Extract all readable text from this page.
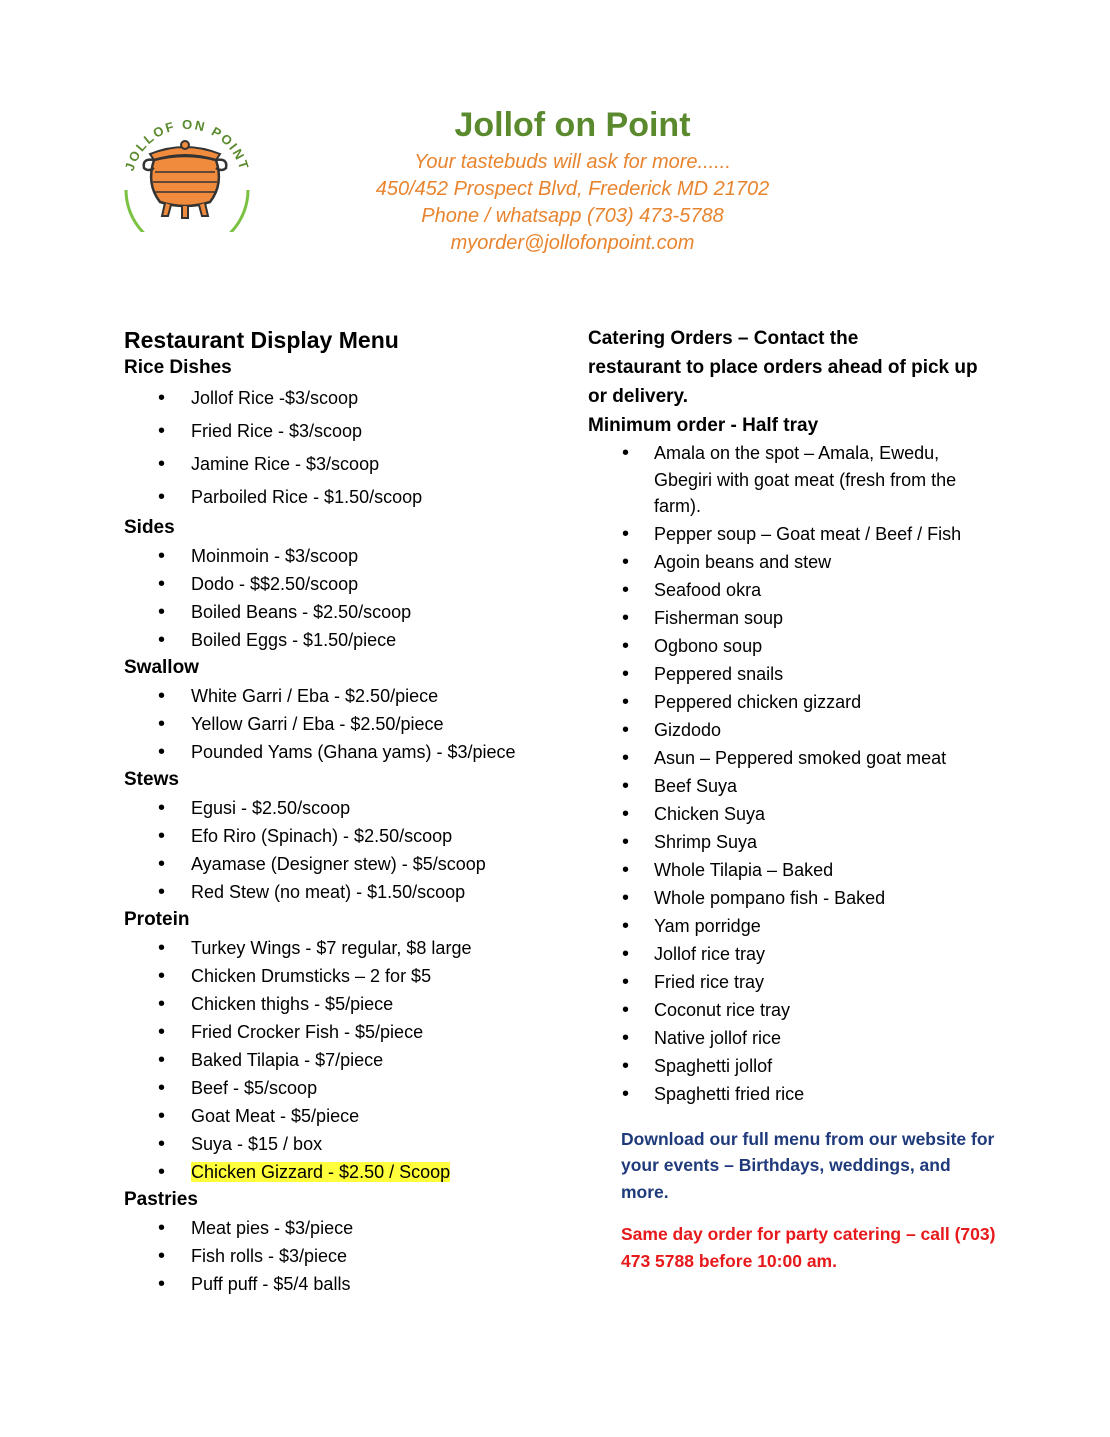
JOLLOF ON POINT
Jollof on Point
Your tastebuds will ask for more......
450/452 Prospect Blvd, Frederick MD 21702
Phone / whatsapp (703) 473-5788
myorder@jollofonpoint.com
Restaurant Display Menu
Rice Dishes
• Jollof Rice -$3/scoop
• Fried Rice - $3/scoop
• Jamine Rice - $3/scoop
• Parboiled Rice - $1.50/scoop
Sides
• Moinmoin - $3/scoop
• Dodo - $$2.50/scoop
• Boiled Beans - $2.50/scoop
• Boiled Eggs - $1.50/piece
Swallow
• White Garri / Eba - $2.50/piece
• Yellow Garri / Eba - $2.50/piece
• Pounded Yams (Ghana yams) - $3/piece
Stews
• Egusi - $2.50/scoop
• Efo Riro (Spinach) - $2.50/scoop
• Ayamase (Designer stew) - $5/scoop
• Red Stew (no meat) - $1.50/scoop
Protein
• Turkey Wings - $7 regular, $8 large
• Chicken Drumsticks – 2 for $5
• Chicken thighs - $5/piece
• Fried Crocker Fish - $5/piece
• Baked Tilapia - $7/piece
• Beef - $5/scoop
• Goat Meat - $5/piece
• Suya - $15 / box
• Chicken Gizzard - $2.50 / Scoop
Pastries
• Meat pies - $3/piece
• Fish rolls - $3/piece
• Puff puff - $5/4 balls
Catering Orders – Contact the
restaurant to place orders ahead of pick up
or delivery.
Minimum order - Half tray
• Amala on the spot – Amala, Ewedu, Gbegiri with goat meat (fresh from the farm).
• Pepper soup – Goat meat / Beef / Fish
• Agoin beans and stew
• Seafood okra
• Fisherman soup
• Ogbono soup
• Peppered snails
• Peppered chicken gizzard
• Gizdodo
• Asun – Peppered smoked goat meat
• Beef Suya
• Chicken Suya
• Shrimp Suya
• Whole Tilapia – Baked
• Whole pompano fish - Baked
• Yam porridge
• Jollof rice tray
• Fried rice tray
• Coconut rice tray
• Native jollof rice
• Spaghetti jollof
• Spaghetti fried rice
Download our full menu from our website for your events – Birthdays, weddings, and more.
Same day order for party catering – call (703) 473 5788 before 10:00 am.
